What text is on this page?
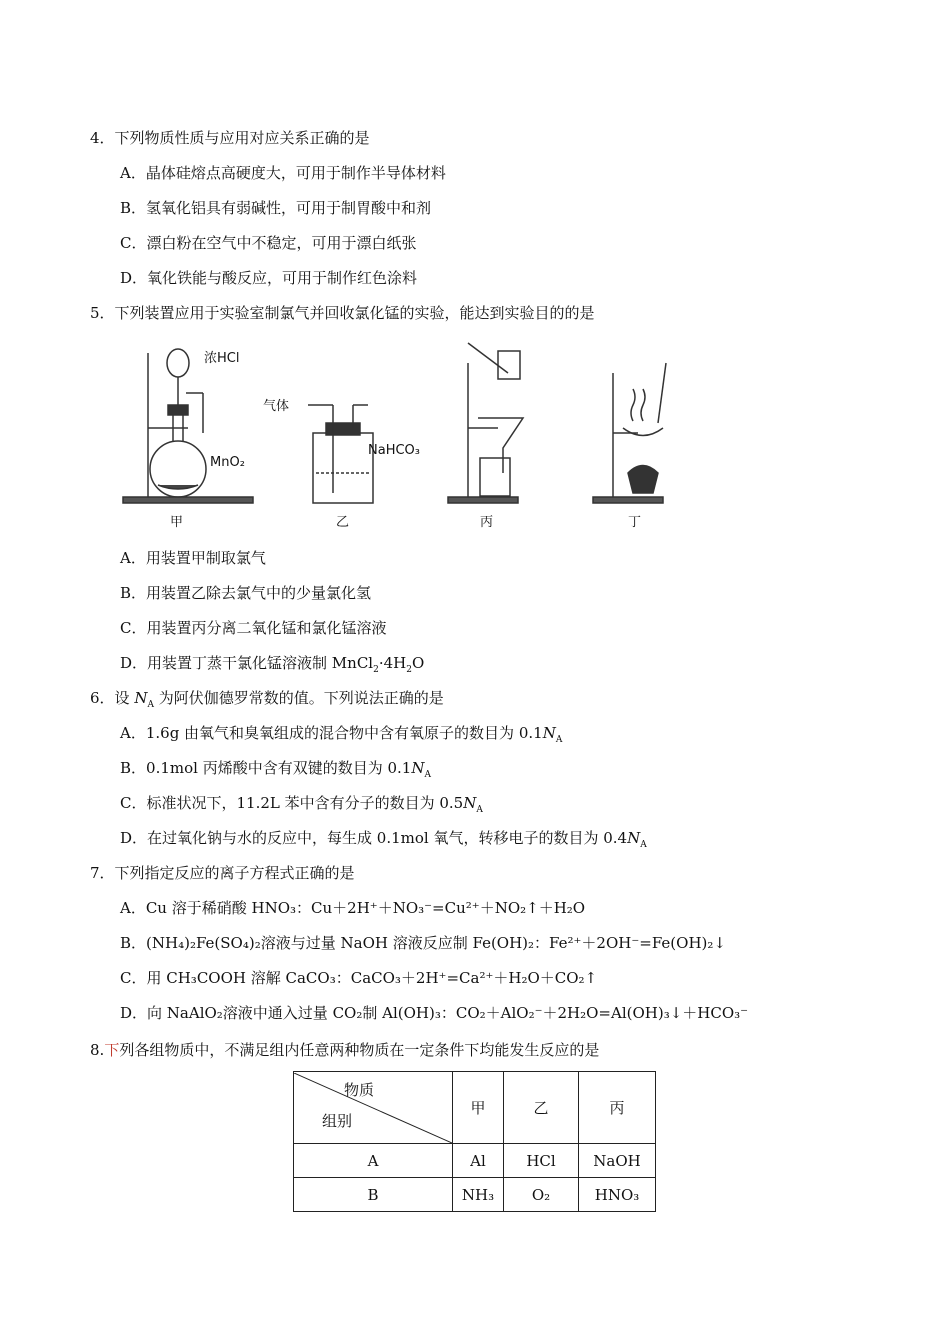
4．下列物质性质与应用对应关系正确的是
A．晶体硅熔点高硬度大，可用于制作半导体材料
B．氢氧化铝具有弱碱性，可用于制胃酸中和剂
C．漂白粉在空气中不稳定，可用于漂白纸张
D．氧化铁能与酸反应，可用于制作红色涂料
5．下列装置应用于实验室制氯气并回收氯化锰的实验，能达到实验目的的是
浓HCl
MnO₂
气体
NaHCO₃
甲	乙	丙	丁
A．用装置甲制取氯气
B．用装置乙除去氯气中的少量氯化氢
C．用装置丙分离二氧化锰和氯化锰溶液
D．用装置丁蒸干氯化锰溶液制 $MnCl_2\cdot 4H_2O$
6．设 $N_A$ 为阿伏伽德罗常数的值。下列说法正确的是
A．1.6g 由氧气和臭氧组成的混合物中含有氧原子的数目为 $0.1N_A$
B．0.1mol 丙烯酸中含有双键的数目为 $0.1N_A$
C．标准状况下，11.2L 苯中含有分子的数目为 $0.5N_A$
D．在过氧化钠与水的反应中，每生成 0.1mol 氧气，转移电子的数目为 $0.4N_A$
7．下列指定反应的离子方程式正确的是
A．Cu 溶于稀硝酸 HNO₃：Cu＋2H⁺＋NO₃⁻=Cu²⁺＋NO₂↑＋H₂O
B．(NH₄)₂Fe(SO₄)₂溶液与过量 NaOH 溶液反应制 Fe(OH)₂：Fe²⁺＋2OH⁻=Fe(OH)₂↓
C．用 CH₃COOH 溶解 CaCO₃：CaCO₃＋2H⁺=Ca²⁺＋H₂O＋CO₂↑
D．向 NaAlO₂溶液中通入过量 CO₂制 Al(OH)₃：CO₂＋AlO₂⁻＋2H₂O=Al(OH)₃↓＋HCO₃⁻
8.下列各组物质中，不满足组内任意两种物质在一定条件下均能发生反应的是
物质
组别	甲	乙	丙
A	Al	HCl	NaOH
B	NH₃	O₂	HNO₃
